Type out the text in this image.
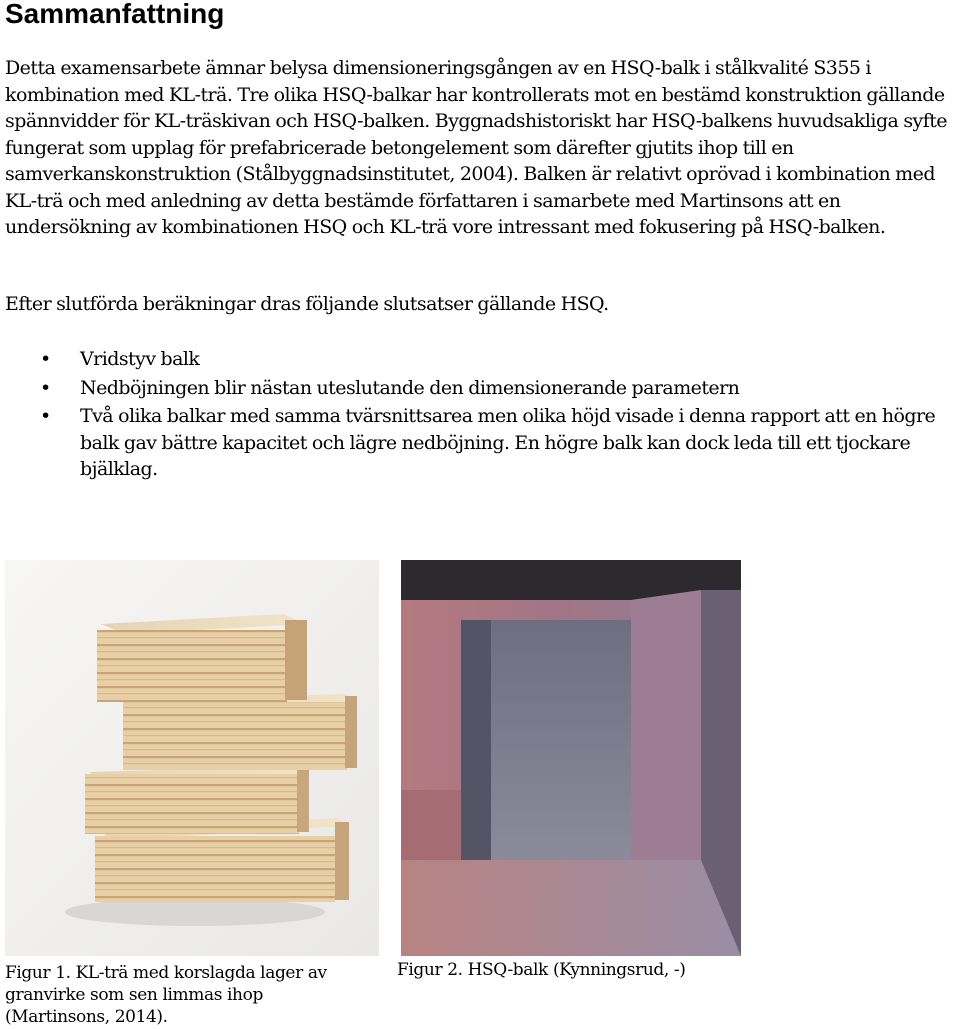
Sammanfattning

Detta examensarbete ämnar belysa dimensioneringsgången av en HSQ-balk i stålkvalité S355 i kombination med KL-trä. Tre olika HSQ-balkar har kontrollerats mot en bestämd konstruktion gällande spännvidder för KL-träskivan och HSQ-balken. Byggnadshistoriskt har HSQ-balkens huvudsakliga syfte fungerat som upplag för prefabricerade betongelement som därefter gjutits ihop till en samverkanskonstruktion (Stålbyggnadsinstitutet, 2004). Balken är relativt oprövad i kombination med KL-trä och med anledning av detta bestämde författaren i samarbete med Martinsons att en undersökning av kombinationen HSQ och KL-trä vore intressant med fokusering på HSQ-balken.

Efter slutförda beräkningar dras följande slutsatser gällande HSQ.

• Vridstyv balk
• Nedböjningen blir nästan uteslutande den dimensionerande parametern
• Två olika balkar med samma tvärsnittsarea men olika höjd visade i denna rapport att en högre balk gav bättre kapacitet och lägre nedböjning. En högre balk kan dock leda till ett tjockare bjälklag.

Figur 1. KL-trä med korslagda lager av granvirke som sen limmas ihop (Martinsons, 2014).

Figur 2. HSQ-balk (Kynningsrud, -)
